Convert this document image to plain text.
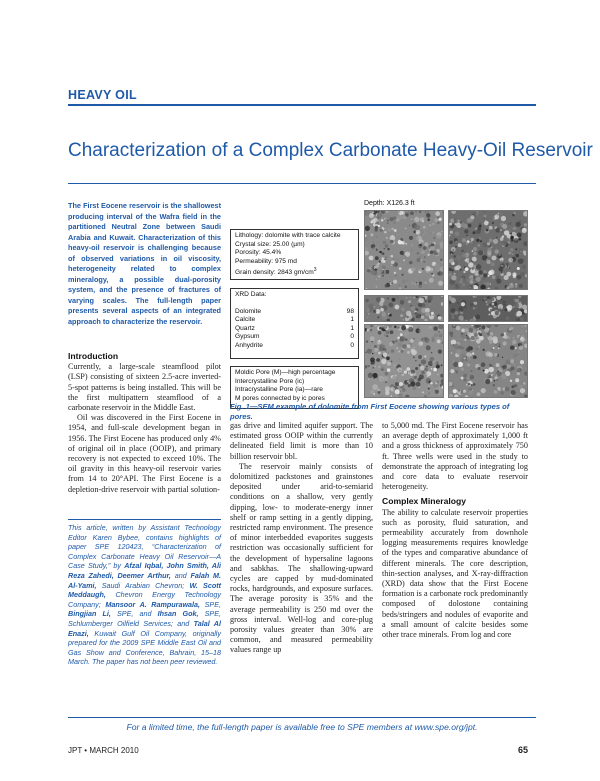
HEAVY OIL
Characterization of a Complex Carbonate Heavy-Oil Reservoir
The First Eocene reservoir is the shallowest producing interval of the Wafra field in the partitioned Neutral Zone between Saudi Arabia and Kuwait. Characterization of this heavy-oil reservoir is challenging because of observed variations in oil viscosity, heterogeneity related to complex mineralogy, a possible dual-porosity system, and the presence of fractures of varying scales. The full-length paper presents several aspects of an integrated approach to characterize the reservoir.
Introduction

Currently, a large-scale steamflood pilot (LSP) consisting of sixteen 2.5-acre inverted-5-spot patterns is being installed. This will be the first multipattern steamflood of a carbonate reservoir in the Middle East.

Oil was discovered in the First Eocene in 1954, and full-scale development began in 1956. The First Eocene has produced only 4% of original oil in place (OOIP), and primary recovery is not expected to exceed 10%. The oil gravity in this heavy-oil reservoir varies from 14 to 20°API. The First Eocene is a depletion-drive reservoir with partial solution-

This article, written by Assistant Technology Editor Karen Bybee, contains highlights of paper SPE 120423, “Characterization of Complex Carbonate Heavy Oil Reservoir—A Case Study,” by Afzal Iqbal, John Smith, Ali Reza Zahedi, Deemer Arthur, and Falah M. Al-Yami, Saudi Arabian Chevron; W. Scott Meddaugh, Chevron Energy Technology Company; Mansoor A. Rampurawala, SPE, Bingjian Li, SPE, and Ihsan Gok, SPE, Schlumberger Oilfield Services; and Talal Al Enazi, Kuwait Gulf Oil Company, originally prepared for the 2009 SPE Middle East Oil and Gas Show and Conference, Bahrain, 15–18 March. The paper has not been peer reviewed.
Depth: X126.3 ft
Lithology: dolomite with trace calcite
Crystal size: 25.00 (µm)
Porosity: 45.4%
Permeability: 975 md
Grain density: 2843 $gm/cm^3$
XRD Data:
Dolomite	98
Calcite	1
Quartz	1
Gypsum	0
Anhydrite	0
Moldic Pore (M)—high percentage
Intercrystalline Pore (ic)
Intracrystalline Pore (ia)—rare
M pores connected by ic pores
Fig. 1—SEM example of dolomite from First Eocene showing various types of pores.

gas drive and limited aquifer support. The estimated gross OOIP within the currently delineated field limit is more than 10 billion reservoir bbl.

The reservoir mainly consists of dolomitized packstones and grainstones deposited under arid-to-semiarid conditions on a shallow, very gently dipping, low- to moderate-energy inner shelf or ramp setting in a gently dipping, restricted ramp environment. The presence of minor interbedded evaporites suggests restriction was occasionally sufficient for the development of hypersaline lagoons and sabkhas. The shallowing-upward cycles are capped by mud-dominated rocks, hardgrounds, and exposure surfaces. The average porosity is 35% and the average permeability is 250 md over the gross interval. Well-log and core-plug porosity values greater than 30% are common, and measured permeability values range up

to 5,000 md. The First Eocene reservoir has an average depth of approximately 1,000 ft and a gross thickness of approximately 750 ft. Three wells were used in the study to demonstrate the approach of integrating log and core data to evaluate reservoir heterogeneity.

Complex Mineralogy

The ability to calculate reservoir properties such as porosity, fluid saturation, and permeability accurately from downhole logging measurements requires knowledge of the types and comparative abundance of different minerals. The core description, thin-section analyses, and X-ray-diffraction (XRD) data show that the First Eocene formation is a carbonate rock predominantly composed of dolostone containing beds/stringers and nodules of evaporite and a small amount of calcite besides some other trace minerals. From log and core

For a limited time, the full-length paper is available free to SPE members at www.spe.org/jpt.
JPT • MARCH 2010	65
